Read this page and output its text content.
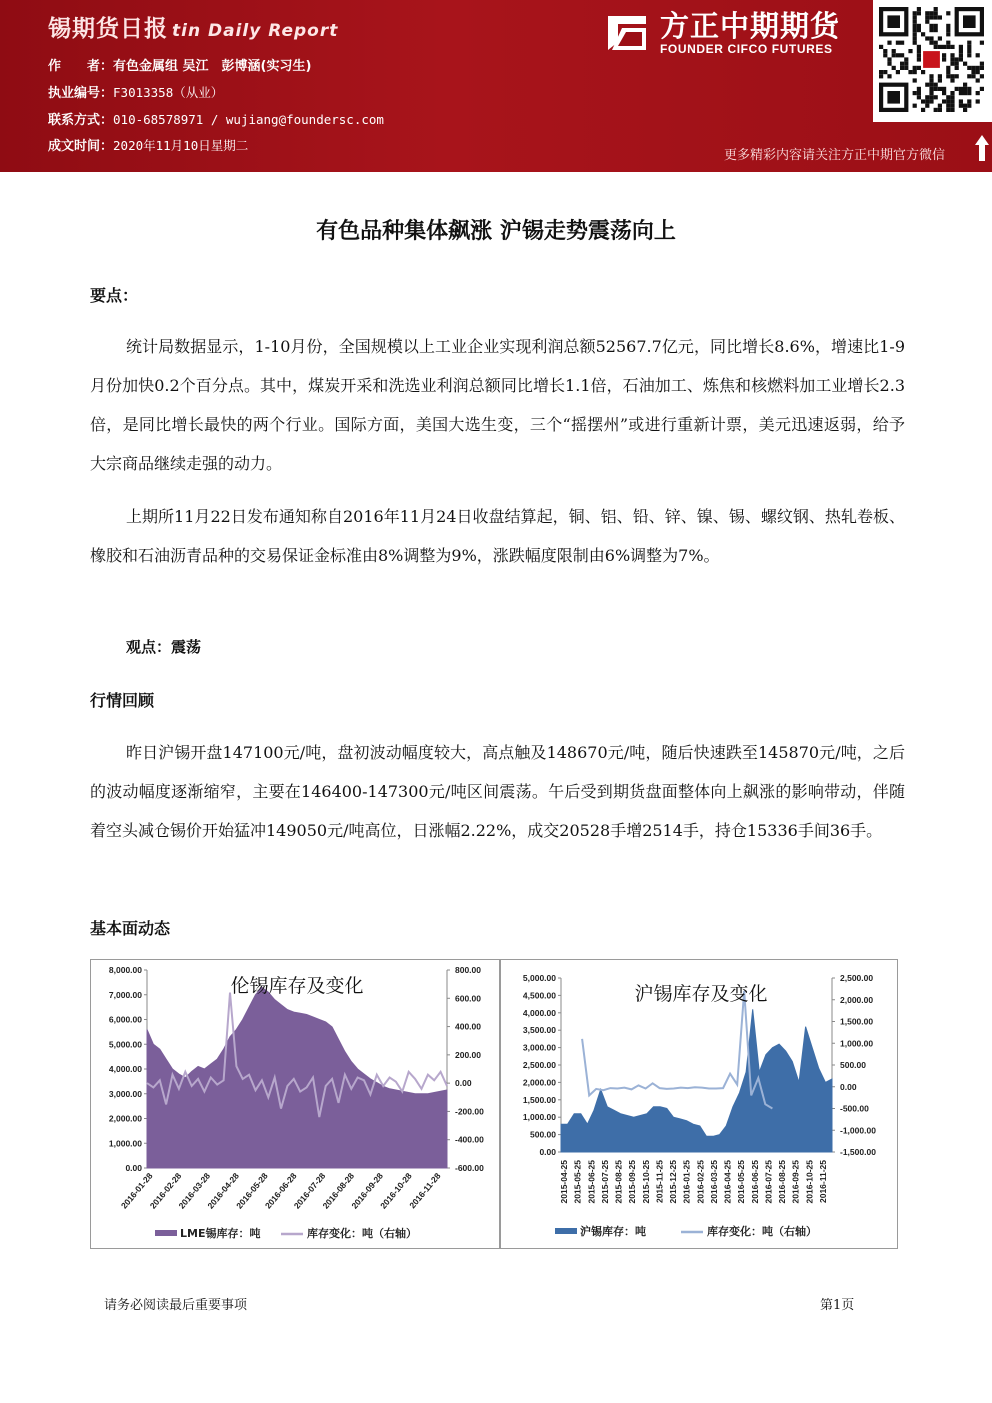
锡期货日报 tin Daily Report
作　　者：有色金属组 吴江　彭博涵(实习生)
执业编号：F3013358（从业）
联系方式：010-68578971 / wujiang@foundersc.com
成文时间：2020年11月10日星期二
方正中期期货
FOUNDER CIFCO FUTURES
更多精彩内容请关注方正中期官方微信
有色品种集体飙涨 沪锡走势震荡向上
要点：
统计局数据显示，1-10月份，全国规模以上工业企业实现利润总额52567.7亿元，同比增长8.6%，增速比1-9月份加快0.2个百分点。其中，煤炭开采和洗选业利润总额同比增长1.1倍，石油加工、炼焦和核燃料加工业增长2.3倍，是同比增长最快的两个行业。国际方面，美国大选生变，三个“摇摆州”或进行重新计票，美元迅速返弱，给予大宗商品继续走强的动力。
上期所11月22日发布通知称自2016年11月24日收盘结算起，铜、铝、铅、锌、镍、锡、螺纹钢、热轧卷板、橡胶和石油沥青品种的交易保证金标准由8%调整为9%，涨跌幅度限制由6%调整为7%。
观点：震荡
行情回顾
昨日沪锡开盘147100元/吨，盘初波动幅度较大，高点触及148670元/吨，随后快速跌至145870元/吨，之后的波动幅度逐渐缩窄，主要在146400-147300元/吨区间震荡。午后受到期货盘面整体向上飙涨的影响带动，伴随着空头减仓锡价开始猛冲149050元/吨高位，日涨幅2.22%，成交20528手增2514手，持仓15336手间36手。
基本面动态
8,000.00
7,000.00
6,000.00
5,000.00
4,000.00
3,000.00
2,000.00
1,000.00
0.00
800.00
600.00
400.00
200.00
0.00
-200.00
-400.00
-600.00
伦锡库存及变化
2016-01-28
2016-02-28
2016-03-28
2016-04-28
2016-05-28
2016-06-28
2016-07-28
2016-08-28
2016-09-28
2016-10-28
2016-11-28
LME锡库存：吨	库存变化：吨（右轴）
5,000.00
4,500.00
4,000.00
3,500.00
3,000.00
2,500.00
2,000.00
1,500.00
1,000.00
500.00
0.00
2,500.00
2,000.00
1,500.00
1,000.00
500.00
0.00
-500.00
-1,000.00
-1,500.00
沪锡库存及变化
2015-04-25 2015-05-25 2015-06-25 2015-07-25 2015-08-25 2015-09-25 2015-10-25 2015-11-25 2015-12-25 2016-01-25 2016-02-25 2016-03-25 2016-04-25 2016-05-25 2016-06-25 2016-07-25 2016-08-25 2016-09-25 2016-10-25 2016-11-25
沪锡库存：吨	库存变化：吨（右轴）
请务必阅读最后重要事项	第1页
